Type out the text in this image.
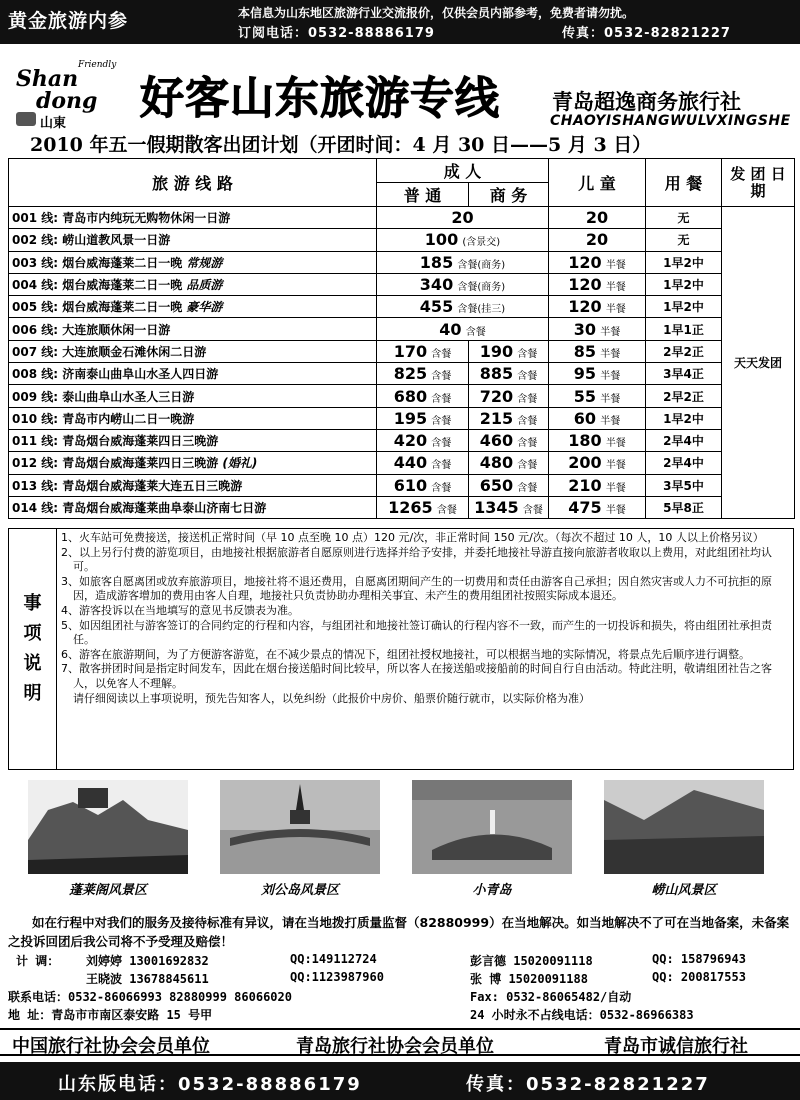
黄金旅游内参	本信息为山东地区旅游行业交流报价，仅供会员内部参考，免费者请勿扰。
订阅电话：0532-88886179	传真：0532-82821227
Friendly
Shan
dong
山東 好客山东旅游专线 青岛超逸商务旅行社
CHAOYISHANGWULVXINGSHE
2010 年五一假期散客出团计划（开团时间：4 月 30 日——5 月 3 日）
旅 游 线 路	成 人		儿 童	用 餐	发 团 日 期
	普 通	商 务			
001 线: 青岛市内纯玩无购物休闲一日游	20		20	无	天天发团
002 线: 崂山道教风景一日游	100 (含景交)		20	无	
003 线: 烟台威海蓬莱二日一晚 常规游	185 含餐(商务)		120 半餐	1早2中	
004 线: 烟台威海蓬莱二日一晚 品质游	340 含餐(商务)		120 半餐	1早2中	
005 线: 烟台威海蓬莱二日一晚 豪华游	455 含餐(挂三)		120 半餐	1早2中	
006 线: 大连旅顺休闲一日游	40 含餐		30 半餐	1早1正	
007 线: 大连旅顺金石滩休闲二日游	170 含餐	190 含餐	85 半餐	2早2正	
008 线: 济南泰山曲阜山水圣人四日游	825 含餐	885 含餐	95 半餐	3早4正	
009 线: 泰山曲阜山水圣人三日游	680 含餐	720 含餐	55 半餐	2早2正	
010 线: 青岛市内崂山二日一晚游	195 含餐	215 含餐	60 半餐	1早2中	
011 线: 青岛烟台威海蓬莱四日三晚游	420 含餐	460 含餐	180 半餐	2早4中	
012 线: 青岛烟台威海蓬莱四日三晚游 (婚礼)	440 含餐	480 含餐	200 半餐	2早4中	
013 线: 青岛烟台威海蓬莱大连五日三晚游	610 含餐	650 含餐	210 半餐	3早5中	
014 线: 青岛烟台威海蓬莱曲阜泰山济南七日游	1265 含餐	1345 含餐	475 半餐	5早8正	
事
项
说
明

1、火车站可免费接送，接送机正常时间（早 10 点至晚 10 点）120 元/次，非正常时间 150 元/次。（每次不超过 10 人，10 人以上价格另议）

2、以上另行付费的游览项目，由地接社根据旅游者自愿原则进行选择并给予安排，并委托地接社导游直接向旅游者收取以上费用，对此组团社均认可。

3、如旅客自愿离团或放弃旅游项目，地接社将不退还费用，自愿离团期间产生的一切费用和责任由游客自己承担；因自然灾害或人力不可抗拒的原因，造成游客增加的费用由客人自理，地接社只负责协助办理相关事宜、未产生的费用组团社按照实际成本退还。

4、游客投诉以在当地填写的意见书反馈表为准。

5、如因组团社与游客签订的合同约定的行程和内容，与组团社和地接社签订确认的行程内容不一致，而产生的一切投诉和损失，将由组团社承担责任。

6、游客在旅游期间，为了方便游客游览，在不减少景点的情况下，组团社授权地接社，可以根据当地的实际情况，将景点先后顺序进行调整。

7、散客拼团时间是指定时间发车，因此在烟台接送船时间比较早，所以客人在接送船或接船前的时间自行自由活动。特此注明，敬请组团社告之客人，以免客人不理解。

请仔细阅读以上事项说明，预先告知客人，以免纠纷（此报价中房价、船票价随行就市，以实际价格为准）

蓬莱阁风景区	刘公岛风景区	小青岛	崂山风景区
如在行程中对我们的服务及接待标准有异议，请在当地拨打质量监督（82880999）在当地解决。如当地解决不了可在当地备案，未备案之投诉回团后我公司将不予受理及赔偿！
计 调： 刘婷婷 13001692832	QQ:149112724
王晓波 13678845611	QQ:1123987960
彭言德 15020091118	QQ: 158796943
张 博 15020091188	QQ: 200817553
联系电话：0532-86066993 82880999 86066020	Fax: 0532-86065482/自动
地 址：青岛市市南区泰安路 15 号甲	24 小时永不占线电话：0532-86966383
中国旅行社协会会员单位	青岛旅行社协会会员单位	青岛市诚信旅行社
山东版电话：0532-88886179	传真：0532-82821227
